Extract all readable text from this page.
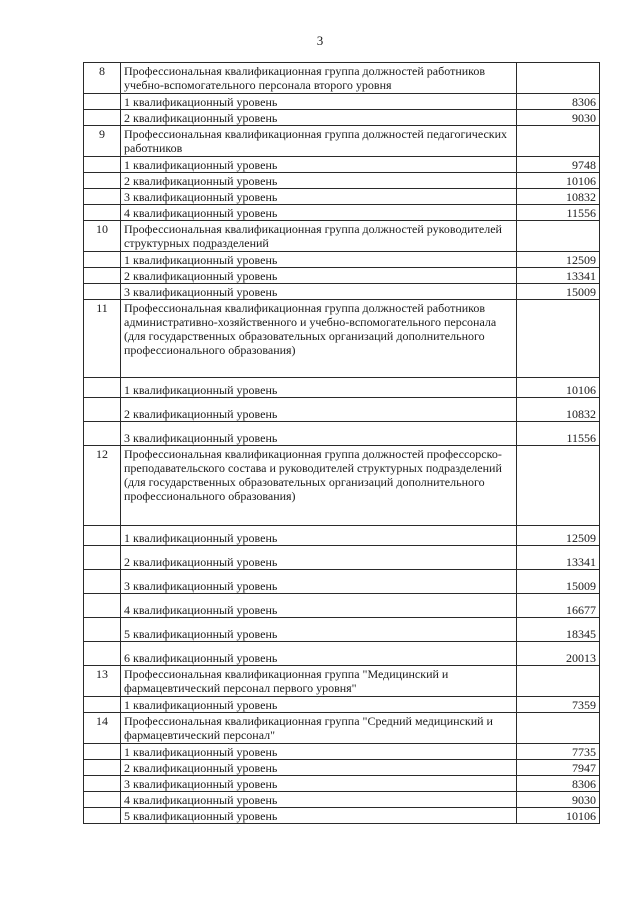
3
8	Профессиональная квалификационная группа должностей работников учебно-вспомогательного персонала второго уровня	
	1 квалификационный уровень	8306
	2 квалификационный уровень	9030
9	Профессиональная квалификационная группа должностей педагогических работников	
	1 квалификационный уровень	9748
	2 квалификационный уровень	10106
	3 квалификационный уровень	10832
	4 квалификационный уровень	11556
10	Профессиональная квалификационная группа должностей руководителей структурных подразделений	
	1 квалификационный уровень	12509
	2 квалификационный уровень	13341
	3 квалификационный уровень	15009
11	Профессиональная квалификационная группа должностей работников административно-хозяйственного и учебно-вспомогательного персонала (для государственных образовательных организаций дополнительного профессионального образования)	
	1 квалификационный уровень	10106
	2 квалификационный уровень	10832
	3 квалификационный уровень	11556
12	Профессиональная квалификационная группа должностей профессорско-преподавательского состава и руководителей структурных подразделений (для государственных образовательных организаций дополнительного профессионального образования)	
	1 квалификационный уровень	12509
	2 квалификационный уровень	13341
	3 квалификационный уровень	15009
	4 квалификационный уровень	16677
	5 квалификационный уровень	18345
	6 квалификационный уровень	20013
13	Профессиональная квалификационная группа "Медицинский и фармацевтический персонал первого уровня"	
	1 квалификационный уровень	7359
14	Профессиональная квалификационная группа "Средний медицинский и фармацевтический персонал"	
	1 квалификационный уровень	7735
	2 квалификационный уровень	7947
	3 квалификационный уровень	8306
	4 квалификационный уровень	9030
	5 квалификационный уровень	10106
